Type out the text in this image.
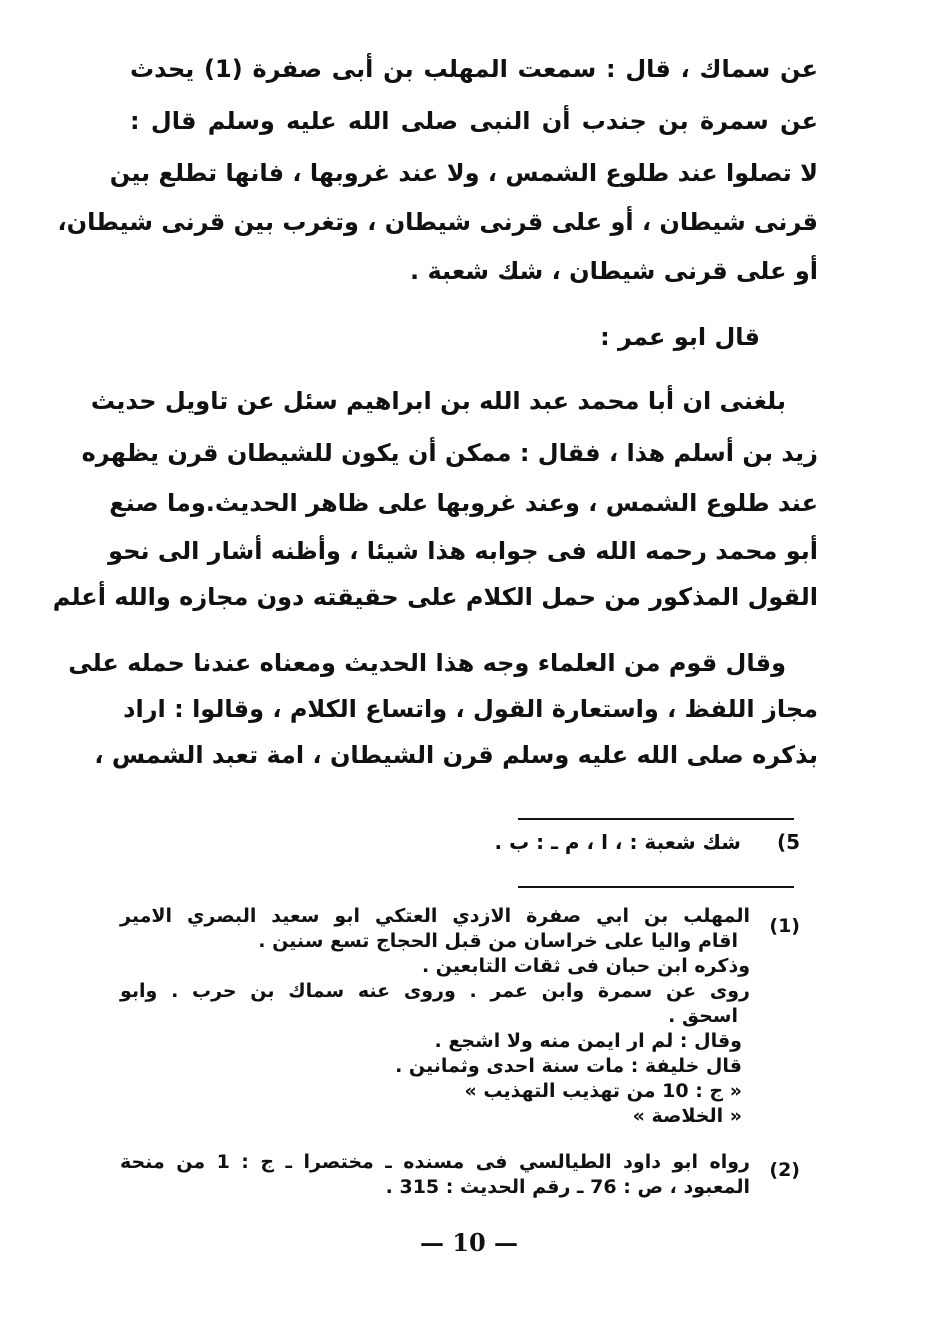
عن سماك ، قال : سمعت المهلب بن أبى صفرة (1) يحدث
عن سمرة بن جندب أن النبى صلى الله عليه وسلم قال :
لا تصلوا عند طلوع الشمس ، ولا عند غروبها ، فانها تطلع بين
قرنى شيطان ، أو على قرنى شيطان ، وتغرب بين قرنى شيطان،
أو على قرنى شيطان ، شك شعبة .
قال ابو عمر :
بلغنى ان أبا محمد عبد الله بن ابراهيم سئل عن تاويل حديث
زيد بن أسلم هذا ، فقال : ممكن أن يكون للشيطان قرن يظهره
عند طلوع الشمس ، وعند غروبها على ظاهر الحديث.وما صنع
أبو محمد رحمه الله فى جوابه هذا شيئا ، وأظنه أشار الى نحو
القول المذكور من حمل الكلام على حقيقته دون مجازه والله أعلم
وقال قوم من العلماء وجه هذا الحديث ومعناه عندنا حمله على
مجاز اللفظ ، واستعارة القول ، واتساع الكلام ، وقالوا : اراد
بذكره صلى الله عليه وسلم قرن الشيطان ، امة تعبد الشمس ،
5)شك شعبة : ، ا ، م ـ : ب .
(1)
المهلب بن ابي صفرة الازدي العتكي ابو سعيد البصري الامير
اقام واليا على خراسان من قبل الحجاج تسع سنين .
وذكره ابن حبان فى ثقات التابعين .
روى عن سمرة وابن عمر . وروى عنه سماك بن حرب . وابو
اسحق .
وقال : لم ار ايمن منه ولا اشجع .
قال خليفة : مات سنة احدى وثمانين .
« ج : 10 من تهذيب التهذيب »
« الخلاصة »
(2)
رواه ابو داود الطيالسي فى مسنده ـ مختصرا ـ ج : 1 من منحة
المعبود ، ص : 76 ـ رقم الحديث : 315 .
— 10 —
